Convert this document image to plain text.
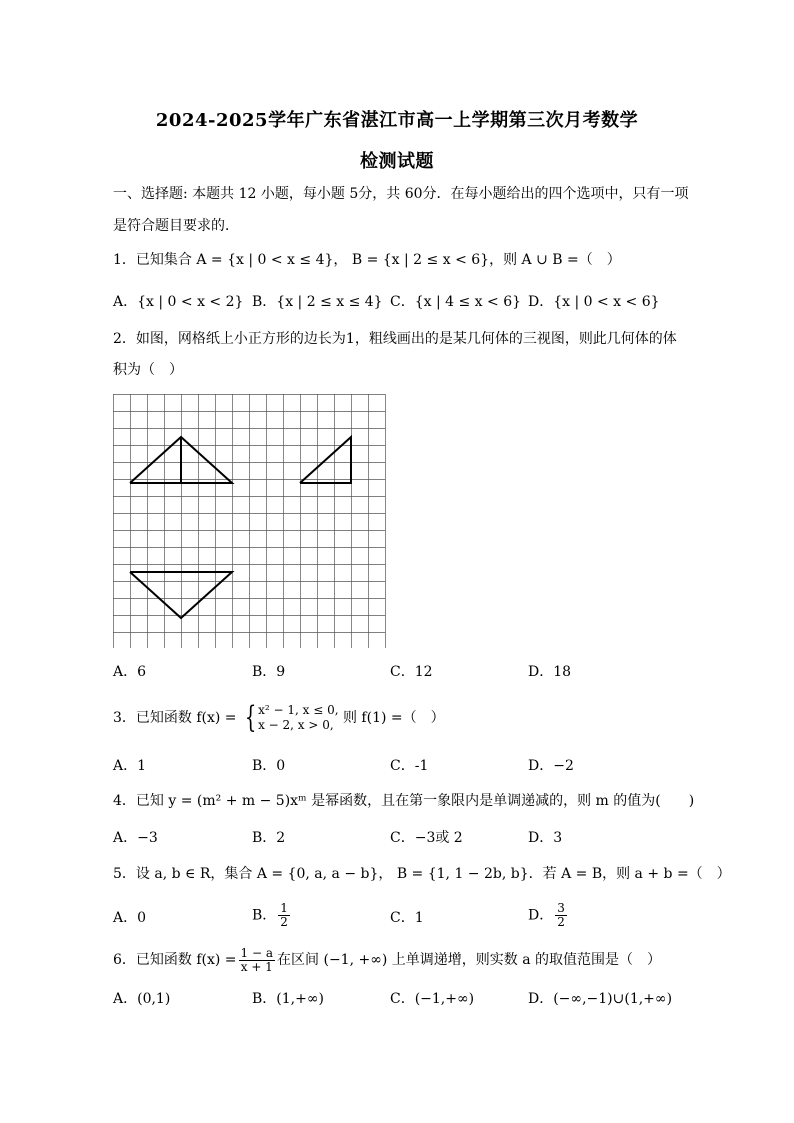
2024-2025学年广东省湛江市高一上学期第三次月考数学
检测试题
一、选择题: 本题共 12 小题，每小题 5分，共 60分．在每小题给出的四个选项中，只有一项
是符合题目要求的．
1．已知集合 A = {x | 0 < x ≤ 4}， B = {x | 2 ≤ x < 6}，则 A ∪ B =（　）
A．{x | 0 < x < 2} B．{x | 2 ≤ x ≤ 4} C．{x | 4 ≤ x < 6} D．{x | 0 < x < 6}
2．如图，网格纸上小正方形的边长为1，粗线画出的是某几何体的三视图，则此几何体的体
积为（　）
A．6	B．9	C．12	D．18
3．已知函数 f(x) = { x² − 1, x ≤ 0,
x − 2, x > 0, 则 f(1) =（　）
A．1	B．0	C．-1	D．−2
4．已知 y = (m² + m − 5)xᵐ 是幂函数，且在第一象限内是单调递减的，则 m 的值为(　　)
A．−3	B．2	C．−3或 2	D．3
5．设 a, b ∈ R，集合 A = {0, a, a − b}， B = {1, 1 − 2b, b}．若 A = B，则 a + b =（　）
A．0	B． $\frac{1}{2}$	C．1	D． $\frac{3}{2}$
6．已知函数 $f(x) = \frac{1 - a}{x + 1}$ 在区间 (−1, +∞) 上单调递增，则实数 a 的取值范围是（　）
A．(0,1)	B．(1,+∞)	C．(−1,+∞)	D．(−∞,−1)∪(1,+∞)
